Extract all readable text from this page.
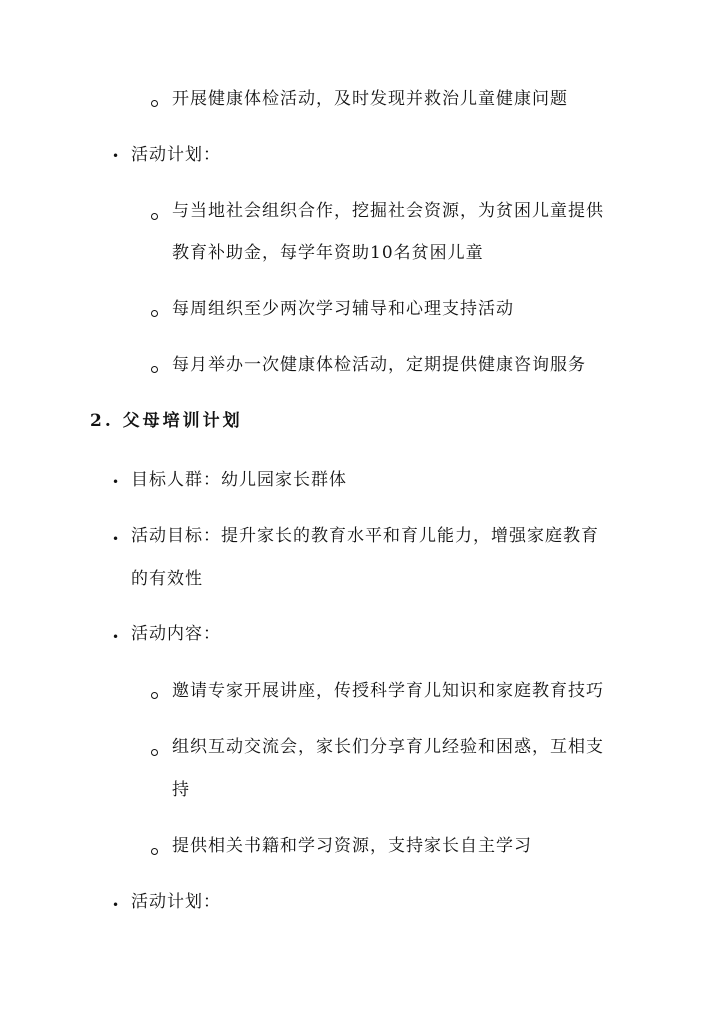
开展健康体检活动，及时发现并救治儿童健康问题
• 活动计划：
与当地社会组织合作，挖掘社会资源，为贫困儿童提供
教育补助金，每学年资助10名贫困儿童
每周组织至少两次学习辅导和心理支持活动
每月举办一次健康体检活动，定期提供健康咨询服务
2. 父母培训计划
• 目标人群：幼儿园家长群体
• 活动目标：提升家长的教育水平和育儿能力，增强家庭教育
的有效性
• 活动内容：
邀请专家开展讲座，传授科学育儿知识和家庭教育技巧
组织互动交流会，家长们分享育儿经验和困惑，互相支
持
提供相关书籍和学习资源，支持家长自主学习
• 活动计划：
